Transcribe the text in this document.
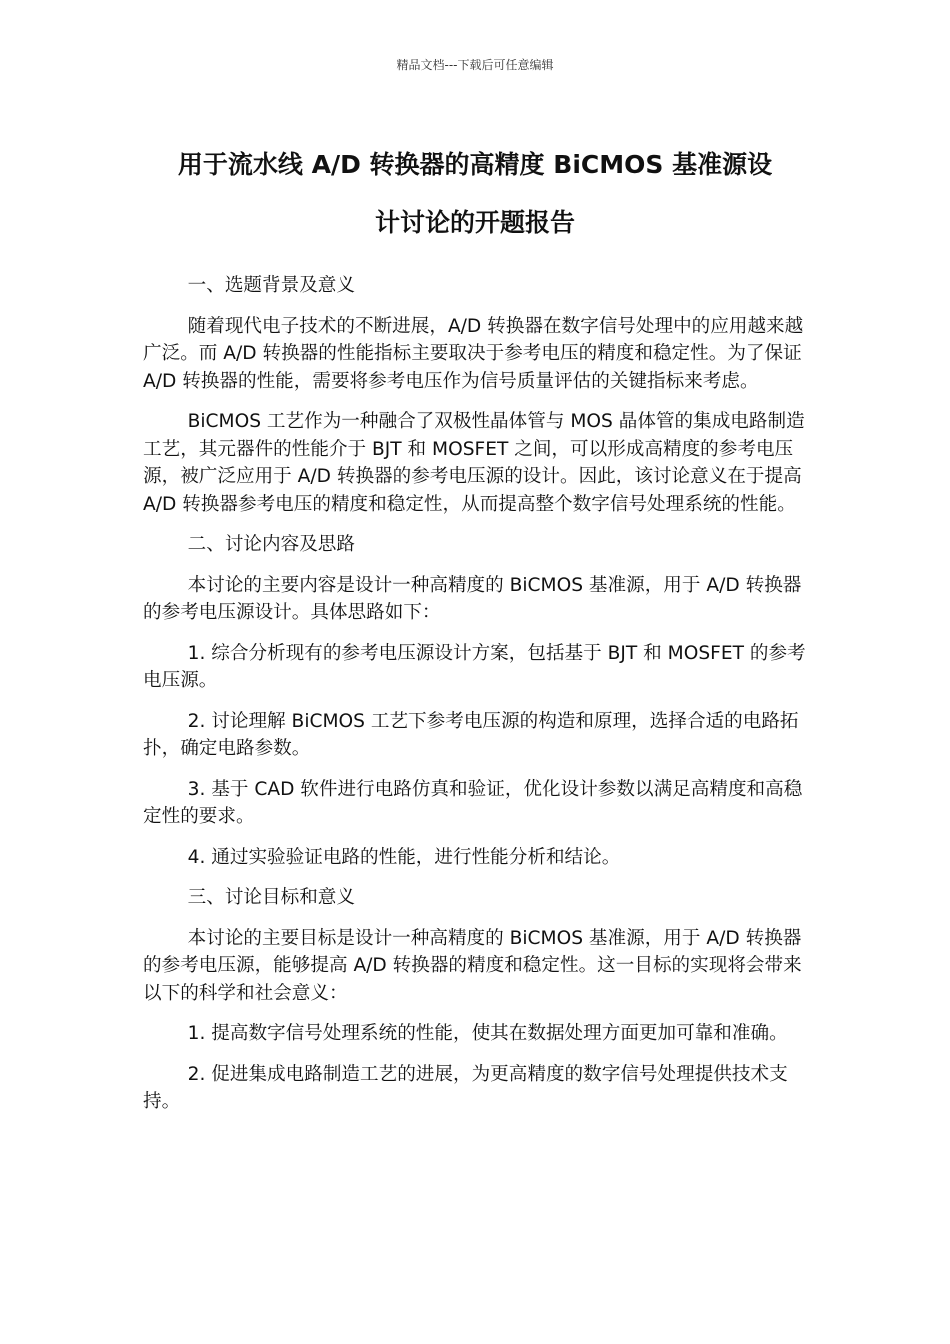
精品文档---下载后可任意编辑
用于流水线 A/D 转换器的高精度 BiCMOS 基准源设
计讨论的开题报告

一、选题背景及意义

随着现代电子技术的不断进展，A/D 转换器在数字信号处理中的应用越来越广泛。而 A/D 转换器的性能指标主要取决于参考电压的精度和稳定性。为了保证 A/D 转换器的性能，需要将参考电压作为信号质量评估的关键指标来考虑。

BiCMOS 工艺作为一种融合了双极性晶体管与 MOS 晶体管的集成电路制造工艺，其元器件的性能介于 BJT 和 MOSFET 之间，可以形成高精度的参考电压源，被广泛应用于 A/D 转换器的参考电压源的设计。因此，该讨论意义在于提高 A/D 转换器参考电压的精度和稳定性，从而提高整个数字信号处理系统的性能。

二、讨论内容及思路

本讨论的主要内容是设计一种高精度的 BiCMOS 基准源，用于 A/D 转换器的参考电压源设计。具体思路如下：

1. 综合分析现有的参考电压源设计方案，包括基于 BJT 和 MOSFET 的参考电压源。

2. 讨论理解 BiCMOS 工艺下参考电压源的构造和原理，选择合适的电路拓扑，确定电路参数。

3. 基于 CAD 软件进行电路仿真和验证，优化设计参数以满足高精度和高稳定性的要求。

4. 通过实验验证电路的性能，进行性能分析和结论。

三、讨论目标和意义

本讨论的主要目标是设计一种高精度的 BiCMOS 基准源，用于 A/D 转换器的参考电压源，能够提高 A/D 转换器的精度和稳定性。这一目标的实现将会带来以下的科学和社会意义：

1. 提高数字信号处理系统的性能，使其在数据处理方面更加可靠和准确。

2. 促进集成电路制造工艺的进展，为更高精度的数字信号处理提供技术支持。
